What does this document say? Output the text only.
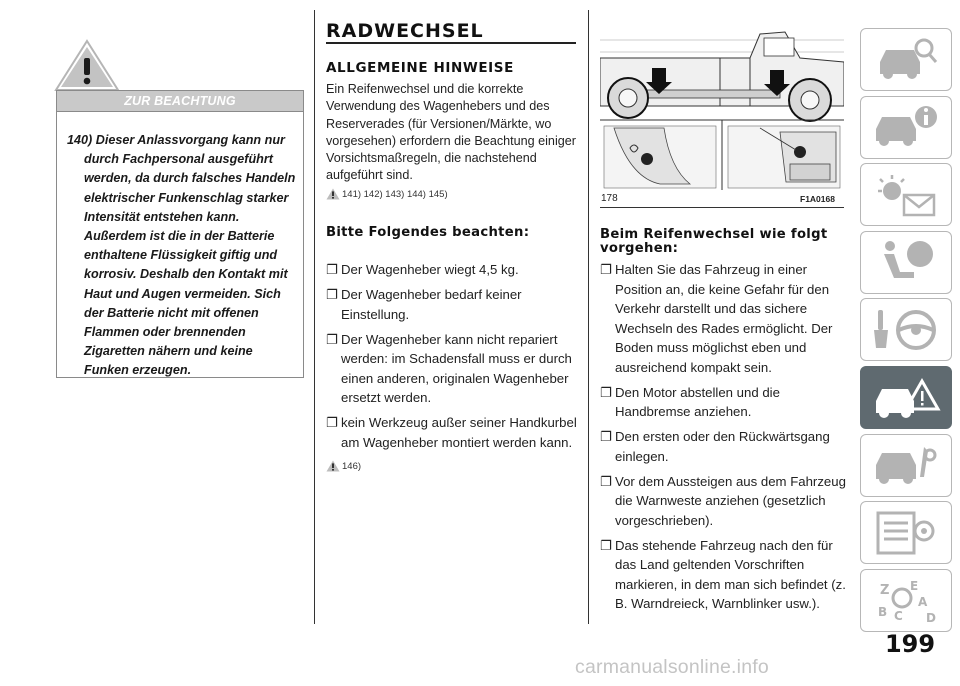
ZUR BEACHTUNG
140) Dieser Anlassvorgang kann nur durch Fachpersonal ausgeführt werden, da durch falsches Handeln elektrischer Funkenschlag starker Intensität entstehen kann. Außerdem ist die in der Batterie enthaltene Flüssigkeit giftig und korrosiv. Deshalb den Kontakt mit Haut und Augen vermeiden. Sich der Batterie nicht mit offenen Flammen oder brennenden Zigaretten nähern und keine Funken erzeugen.
RADWECHSEL
ALLGEMEINE HINWEISE
Ein Reifenwechsel und die korrekte Verwendung des Wagenhebers und des Reserverades (für Versionen/Märkte, wo vorgesehen) erfordern die Beachtung einiger Vorsichtsmaßregeln, die nachstehend aufgeführt sind.
141) 142) 143) 144) 145)
Bitte Folgendes beachten:
❐ Der Wagenheber wiegt 4,5 kg.
❐ Der Wagenheber bedarf keiner Einstellung.
❐ Der Wagenheber kann nicht repariert werden: im Schadensfall muss er durch einen anderen, originalen Wagenheber ersetzt werden.
❐ kein Werkzeug außer seiner Handkurbel am Wagenheber montiert werden kann.
146)
178	F1A0168
Beim Reifenwechsel wie folgt vorgehen:
❐ Halten Sie das Fahrzeug in einer Position an, die keine Gefahr für den Verkehr darstellt und das sichere Wechseln des Rades ermöglicht. Der Boden muss möglichst eben und ausreichend kompakt sein.
❐ Den Motor abstellen und die Handbremse anziehen.
❐ Den ersten oder den Rückwärtsgang einlegen.
❐ Vor dem Aussteigen aus dem Fahrzeug die Warnweste anziehen (gesetzlich vorgeschrieben).
❐ Das stehende Fahrzeug nach den für das Land geltenden Vorschriften markieren, in dem man sich befindet (z. B. Warndreieck, Warnblinker usw.).
Z E
A
B C D
199
carmanualsonline.info
